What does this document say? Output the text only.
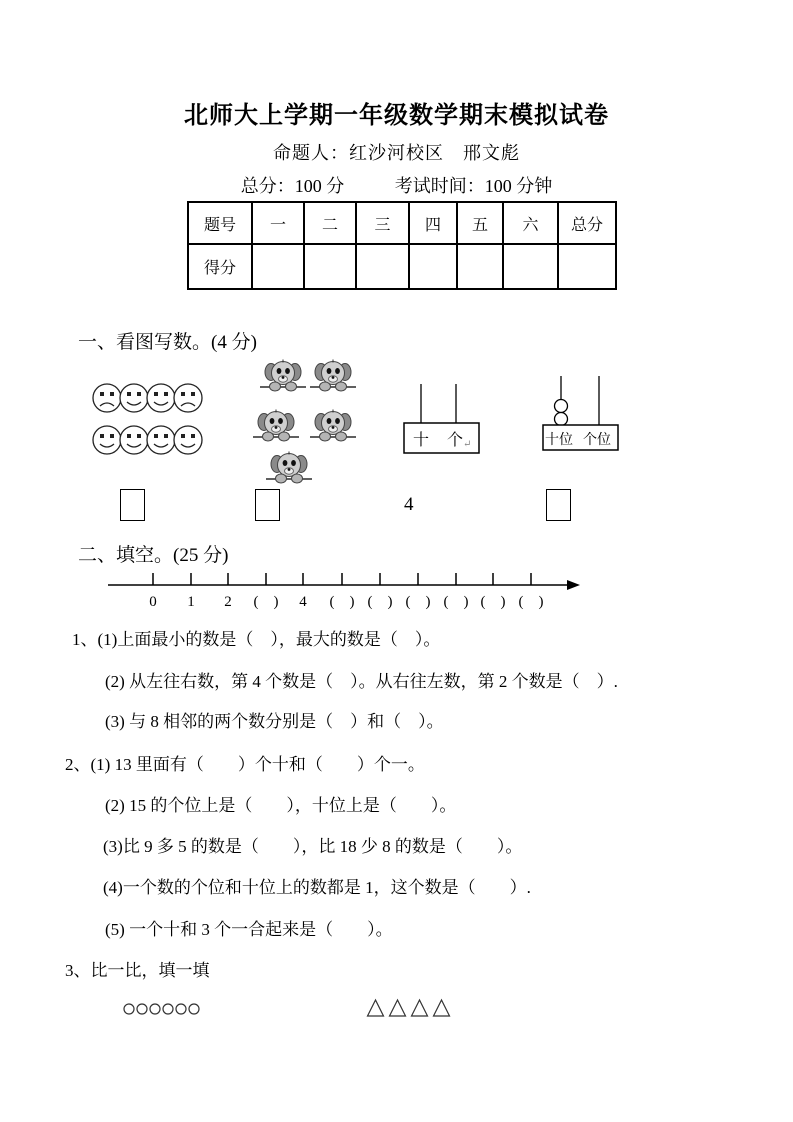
北师大上学期一年级数学期末模拟试卷
命题人：红沙河校区　邢文彪
总分：100 分	考试时间：100 分钟
题号	一	二	三	四	五	六	总分
得分							
一、看图写数。(4 分)
十 个 ↵	十位 个位
4
二、填空。(25 分)
0 1 2 (    ) 4 (    ) (    ) (    ) (    ) (    ) (    )
1、(1)上面最小的数是（　），最大的数是（　）。
(2) 从左往右数，第 4 个数是（　）。从右往左数，第 2 个数是（　）.
(3) 与 8 相邻的两个数分别是（　）和（　）。
2、(1) 13 里面有（　　）个十和（　　）个一。
(2) 15 的个位上是（　　），十位上是（　　）。
(3)比 9 多 5 的数是（　　），比 18 少 8 的数是（　　）。
(4)一个数的个位和十位上的数都是 1，这个数是（　　）.
(5) 一个十和 3 个一合起来是（　　）。
3、比一比，填一填
